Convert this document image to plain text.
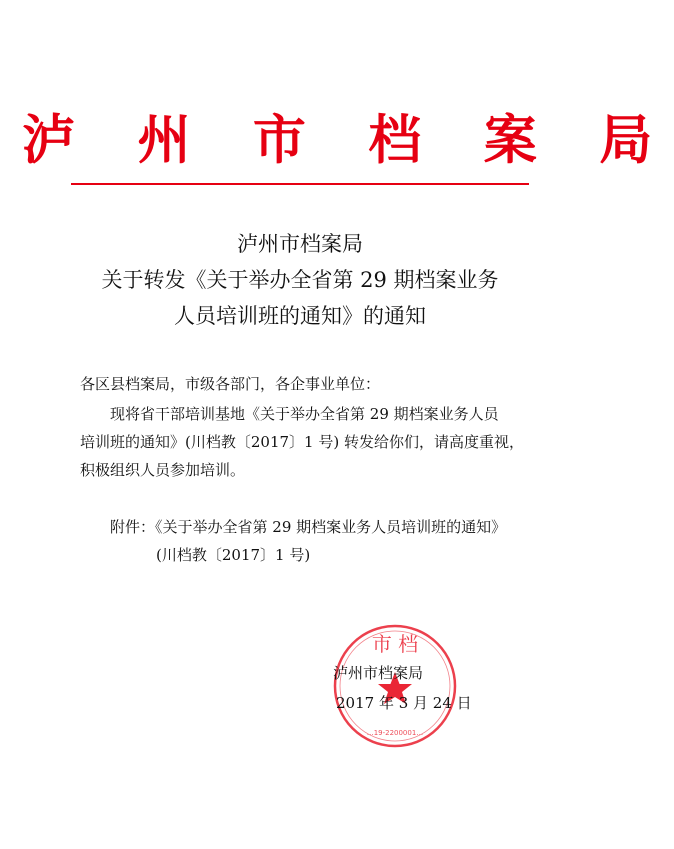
泸 州 市 档 案 局
泸州市档案局
关于转发《关于举办全省第 29 期档案业务
人员培训班的通知》的通知
各区县档案局，市级各部门，各企事业单位：
现将省干部培训基地《关于举办全省第 29 期档案业务人员
培训班的通知》(川档教〔2017〕1 号) 转发给你们，请高度重视，
积极组织人员参加培训。
附件：《关于举办全省第 29 期档案业务人员培训班的通知》
(川档教〔2017〕1 号)
市 档
…19-2200001…
泸州市档案局
2017 年 3 月 24 日
